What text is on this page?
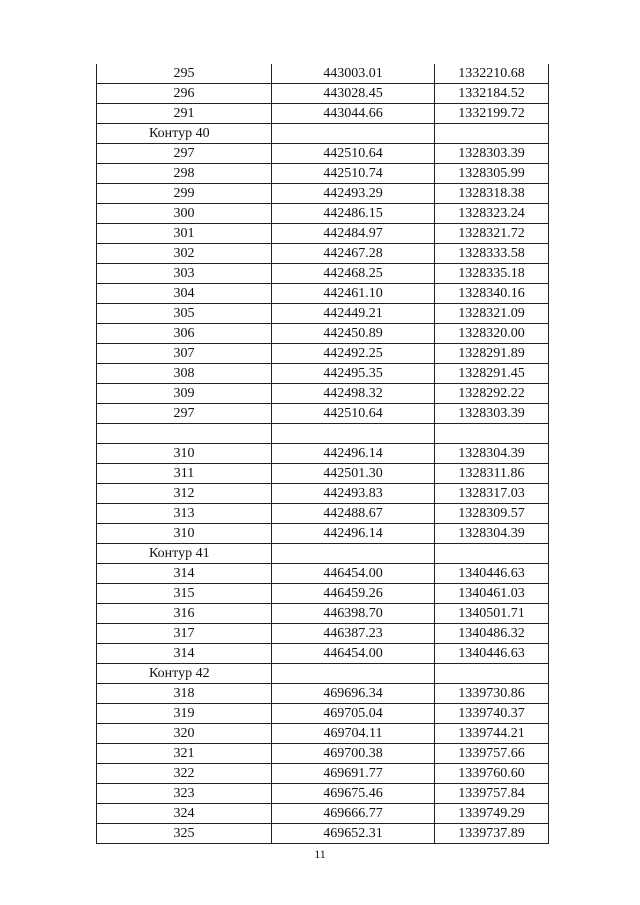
295	443003.01	1332210.68
296	443028.45	1332184.52
291	443044.66	1332199.72
Контур 40		
297	442510.64	1328303.39
298	442510.74	1328305.99
299	442493.29	1328318.38
300	442486.15	1328323.24
301	442484.97	1328321.72
302	442467.28	1328333.58
303	442468.25	1328335.18
304	442461.10	1328340.16
305	442449.21	1328321.09
306	442450.89	1328320.00
307	442492.25	1328291.89
308	442495.35	1328291.45
309	442498.32	1328292.22
297	442510.64	1328303.39

310	442496.14	1328304.39
311	442501.30	1328311.86
312	442493.83	1328317.03
313	442488.67	1328309.57
310	442496.14	1328304.39
Контур 41		
314	446454.00	1340446.63
315	446459.26	1340461.03
316	446398.70	1340501.71
317	446387.23	1340486.32
314	446454.00	1340446.63
Контур 42		
318	469696.34	1339730.86
319	469705.04	1339740.37
320	469704.11	1339744.21
321	469700.38	1339757.66
322	469691.77	1339760.60
323	469675.46	1339757.84
324	469666.77	1339749.29
325	469652.31	1339737.89
11
